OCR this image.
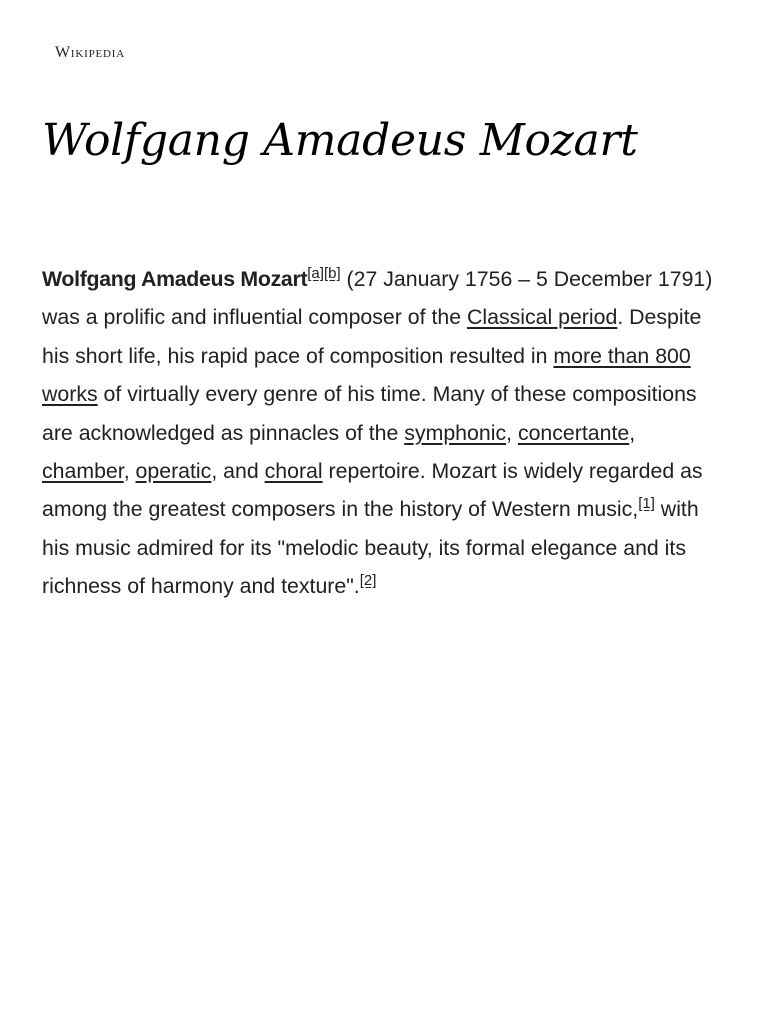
Wikipedia
Wolfgang Amadeus Mozart

Wolfgang Amadeus Mozart[a][b] (27 January 1756 – 5 December 1791) was a prolific and influential composer of the Classical period. Despite his short life, his rapid pace of composition resulted in more than 800 works of virtually every genre of his time. Many of these compositions are acknowledged as pinnacles of the symphonic, concertante, chamber, operatic, and choral repertoire. Mozart is widely regarded as among the greatest composers in the history of Western music,[1] with his music admired for its "melodic beauty, its formal elegance and its richness of harmony and texture".[2]
